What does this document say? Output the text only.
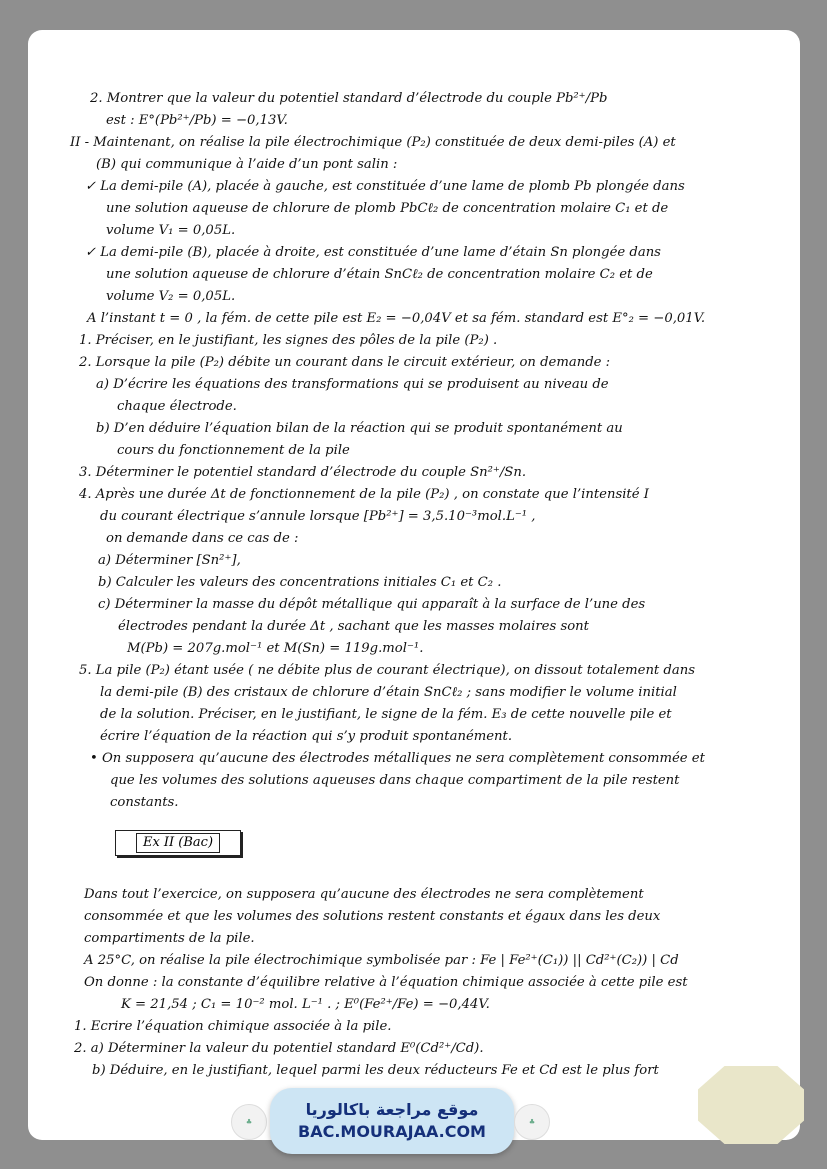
2. Montrer que la valeur du potentiel standard d’électrode du couple Pb²⁺/Pb
est : E°(Pb²⁺/Pb) = −0,13V.
II - Maintenant, on réalise la pile électrochimique (P₂) constituée de deux demi-piles (A) et
(B) qui communique à l’aide d’un pont salin :
✓ La demi-pile (A), placée à gauche, est constituée d’une lame de plomb Pb plongée dans
une solution aqueuse de chlorure de plomb PbCℓ₂ de concentration molaire C₁ et de
volume V₁ = 0,05L.
✓ La demi-pile (B), placée à droite, est constituée d’une lame d’étain Sn plongée dans
une solution aqueuse de chlorure d’étain SnCℓ₂ de concentration molaire C₂ et de
volume V₂ = 0,05L.
A l’instant t = 0 , la fém. de cette pile est E₂ = −0,04V et sa fém. standard est E°₂ = −0,01V.
1. Préciser, en le justifiant, les signes des pôles de la pile (P₂) .
2. Lorsque la pile (P₂) débite un courant dans le circuit extérieur, on demande :
a) D’écrire les équations des transformations qui se produisent au niveau de
chaque électrode.
b) D’en déduire l’équation bilan de la réaction qui se produit spontanément au
cours du fonctionnement de la pile
3. Déterminer le potentiel standard d’électrode du couple Sn²⁺/Sn.
4. Après une durée Δt de fonctionnement de la pile (P₂) , on constate que l’intensité I
du courant électrique s’annule lorsque [Pb²⁺] = 3,5.10⁻³mol.L⁻¹ ,
on demande dans ce cas de :
a) Déterminer [Sn²⁺],
b) Calculer les valeurs des concentrations initiales C₁ et C₂ .
c) Déterminer la masse du dépôt métallique qui apparaît à la surface de l’une des
électrodes pendant la durée Δt , sachant que les masses molaires sont
M(Pb) = 207g.mol⁻¹ et M(Sn) = 119g.mol⁻¹.
5. La pile (P₂) étant usée ( ne débite plus de courant électrique), on dissout totalement dans
la demi-pile (B) des cristaux de chlorure d’étain SnCℓ₂ ; sans modifier le volume initial
de la solution. Préciser, en le justifiant, le signe de la fém. E₃ de cette nouvelle pile et
écrire l’équation de la réaction qui s’y produit spontanément.
• On supposera qu’aucune des électrodes métalliques ne sera complètement consommée et
que les volumes des solutions aqueuses dans chaque compartiment de la pile restent
constants.
Dans tout l’exercice, on supposera qu’aucune des électrodes ne sera complètement
consommée et que les volumes des solutions restent constants et égaux dans les deux
compartiments de la pile.
A 25°C, on réalise la pile électrochimique symbolisée par : Fe | Fe²⁺(C₁)) || Cd²⁺(C₂)) | Cd
On donne : la constante d’équilibre relative à l’équation chimique associée à cette pile est
K = 21,54 ; C₁ = 10⁻² mol. L⁻¹ . ; E⁰(Fe²⁺/Fe) = −0,44V.
1. Ecrire l’équation chimique associée à la pile.
2. a) Déterminer la valeur du potentiel standard E⁰(Cd²⁺/Cd).
b) Déduire, en le justifiant, lequel parmi les deux réducteurs Fe et Cd est le plus fort
Ex II (Bac)
♣
موقع مراجعة باكالوريا
BAC.MOURAJAA.COM	♣
